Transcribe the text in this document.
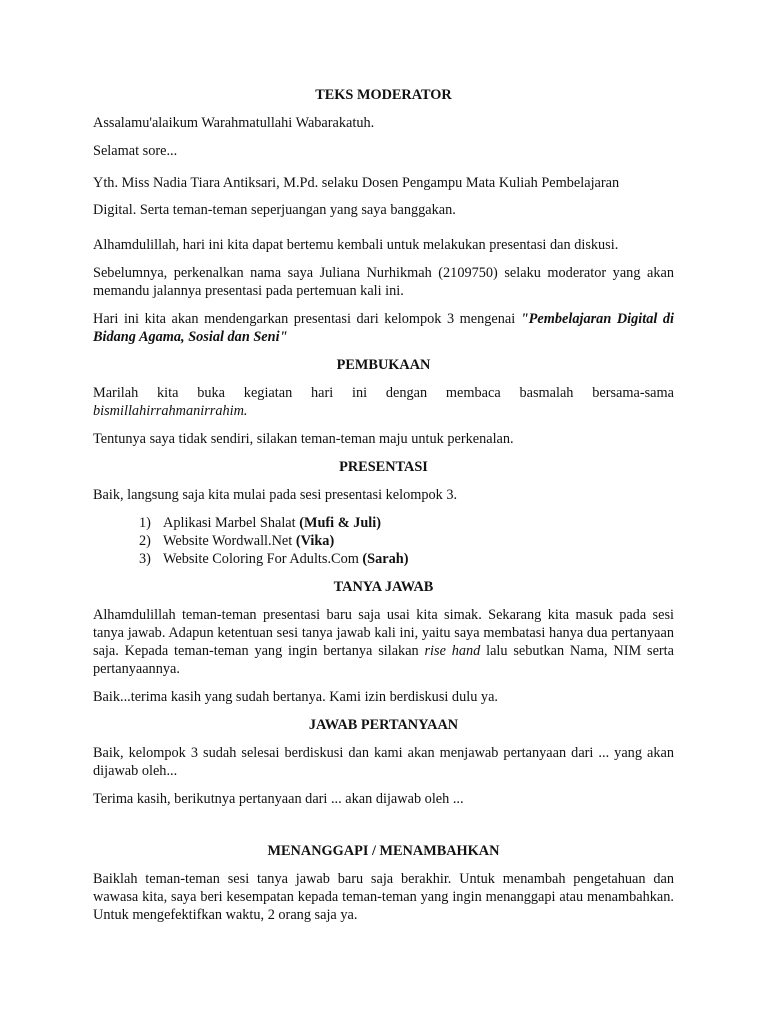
TEKS MODERATOR

Assalamu'alaikum Warahmatullahi Wabarakatuh.

Selamat sore...

Yth. Miss Nadia Tiara Antiksari, M.Pd. selaku Dosen Pengampu Mata Kuliah Pembelajaran
Digital. Serta teman-teman seperjuangan yang saya banggakan.

Alhamdulillah, hari ini kita dapat bertemu kembali untuk melakukan presentasi dan diskusi.

Sebelumnya, perkenalkan nama saya Juliana Nurhikmah (2109750) selaku moderator yang akan memandu jalannya presentasi pada pertemuan kali ini.

Hari ini kita akan mendengarkan presentasi dari kelompok 3 mengenai "Pembelajaran Digital di Bidang Agama, Sosial dan Seni"

PEMBUKAAN

Marilah kita buka kegiatan hari ini dengan membaca basmalah bersama-sama bismillahirrahmanirrahim.

Tentunya saya tidak sendiri, silakan teman-teman maju untuk perkenalan.

PRESENTASI

Baik, langsung saja kita mulai pada sesi presentasi kelompok 3.

1) Aplikasi Marbel Shalat (Mufi & Juli)
2) Website Wordwall.Net (Vika)
3) Website Coloring For Adults.Com (Sarah)

TANYA JAWAB

Alhamdulillah teman-teman presentasi baru saja usai kita simak. Sekarang kita masuk pada sesi tanya jawab. Adapun ketentuan sesi tanya jawab kali ini, yaitu saya membatasi hanya dua pertanyaan saja. Kepada teman-teman yang ingin bertanya silakan rise hand lalu sebutkan Nama, NIM serta pertanyaannya.

Baik...terima kasih yang sudah bertanya. Kami izin berdiskusi dulu ya.

JAWAB PERTANYAAN

Baik, kelompok 3 sudah selesai berdiskusi dan kami akan menjawab pertanyaan dari ... yang akan dijawab oleh...

Terima kasih, berikutnya pertanyaan dari ... akan dijawab oleh ...

MENANGGAPI / MENAMBAHKAN

Baiklah teman-teman sesi tanya jawab baru saja berakhir. Untuk menambah pengetahuan dan wawasa kita, saya beri kesempatan kepada teman-teman yang ingin menanggapi atau menambahkan. Untuk mengefektifkan waktu, 2 orang saja ya.
